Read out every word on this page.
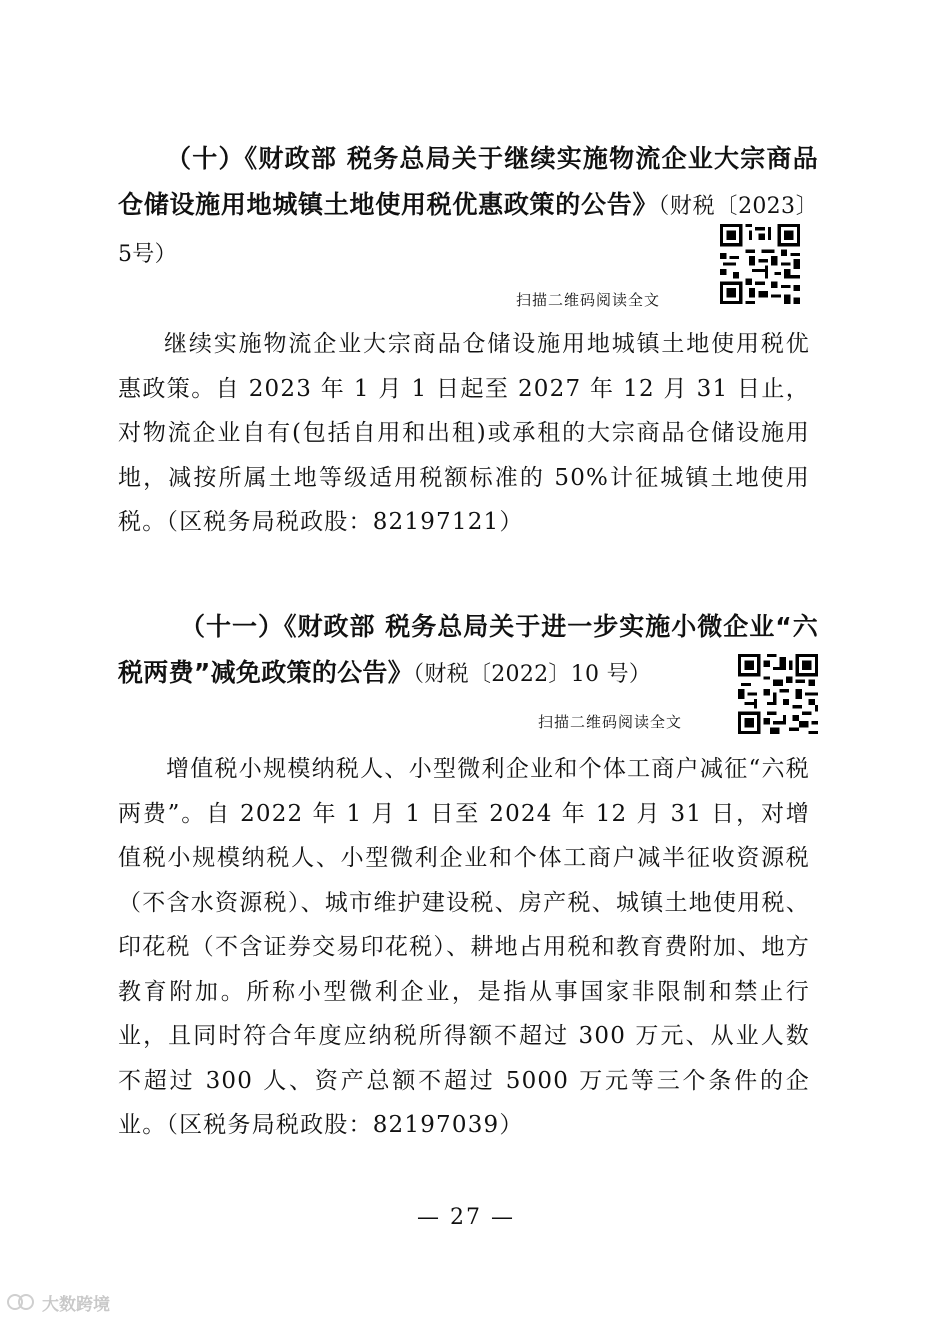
（十）《财政部 税务总局关于继续实施物流企业大宗商品仓储设施用地城镇土地使用税优惠政策的公告》（财税〔2023〕5号）
扫描二维码阅读全文
继续实施物流企业大宗商品仓储设施用地城镇土地使用税优惠政策。自 2023 年 1 月 1 日起至 2027 年 12 月 31 日止，对物流企业自有(包括自用和出租)或承租的大宗商品仓储设施用地，减按所属土地等级适用税额标准的 50%计征城镇土地使用税。（区税务局税政股：82197121）
（十一）《财政部 税务总局关于进一步实施小微企业“六税两费”减免政策的公告》（财税〔2022〕10 号）
扫描二维码阅读全文
增值税小规模纳税人、小型微利企业和个体工商户减征“六税两费”。自 2022 年 1 月 1 日至 2024 年 12 月 31 日，对增值税小规模纳税人、小型微利企业和个体工商户减半征收资源税（不含水资源税）、城市维护建设税、房产税、城镇土地使用税、印花税（不含证券交易印花税）、耕地占用税和教育费附加、地方教育附加。所称小型微利企业，是指从事国家非限制和禁止行业，且同时符合年度应纳税所得额不超过 300 万元、从业人数不超过 300 人、资产总额不超过 5000 万元等三个条件的企业。（区税务局税政股：82197039）
— 27 —
大数跨境
